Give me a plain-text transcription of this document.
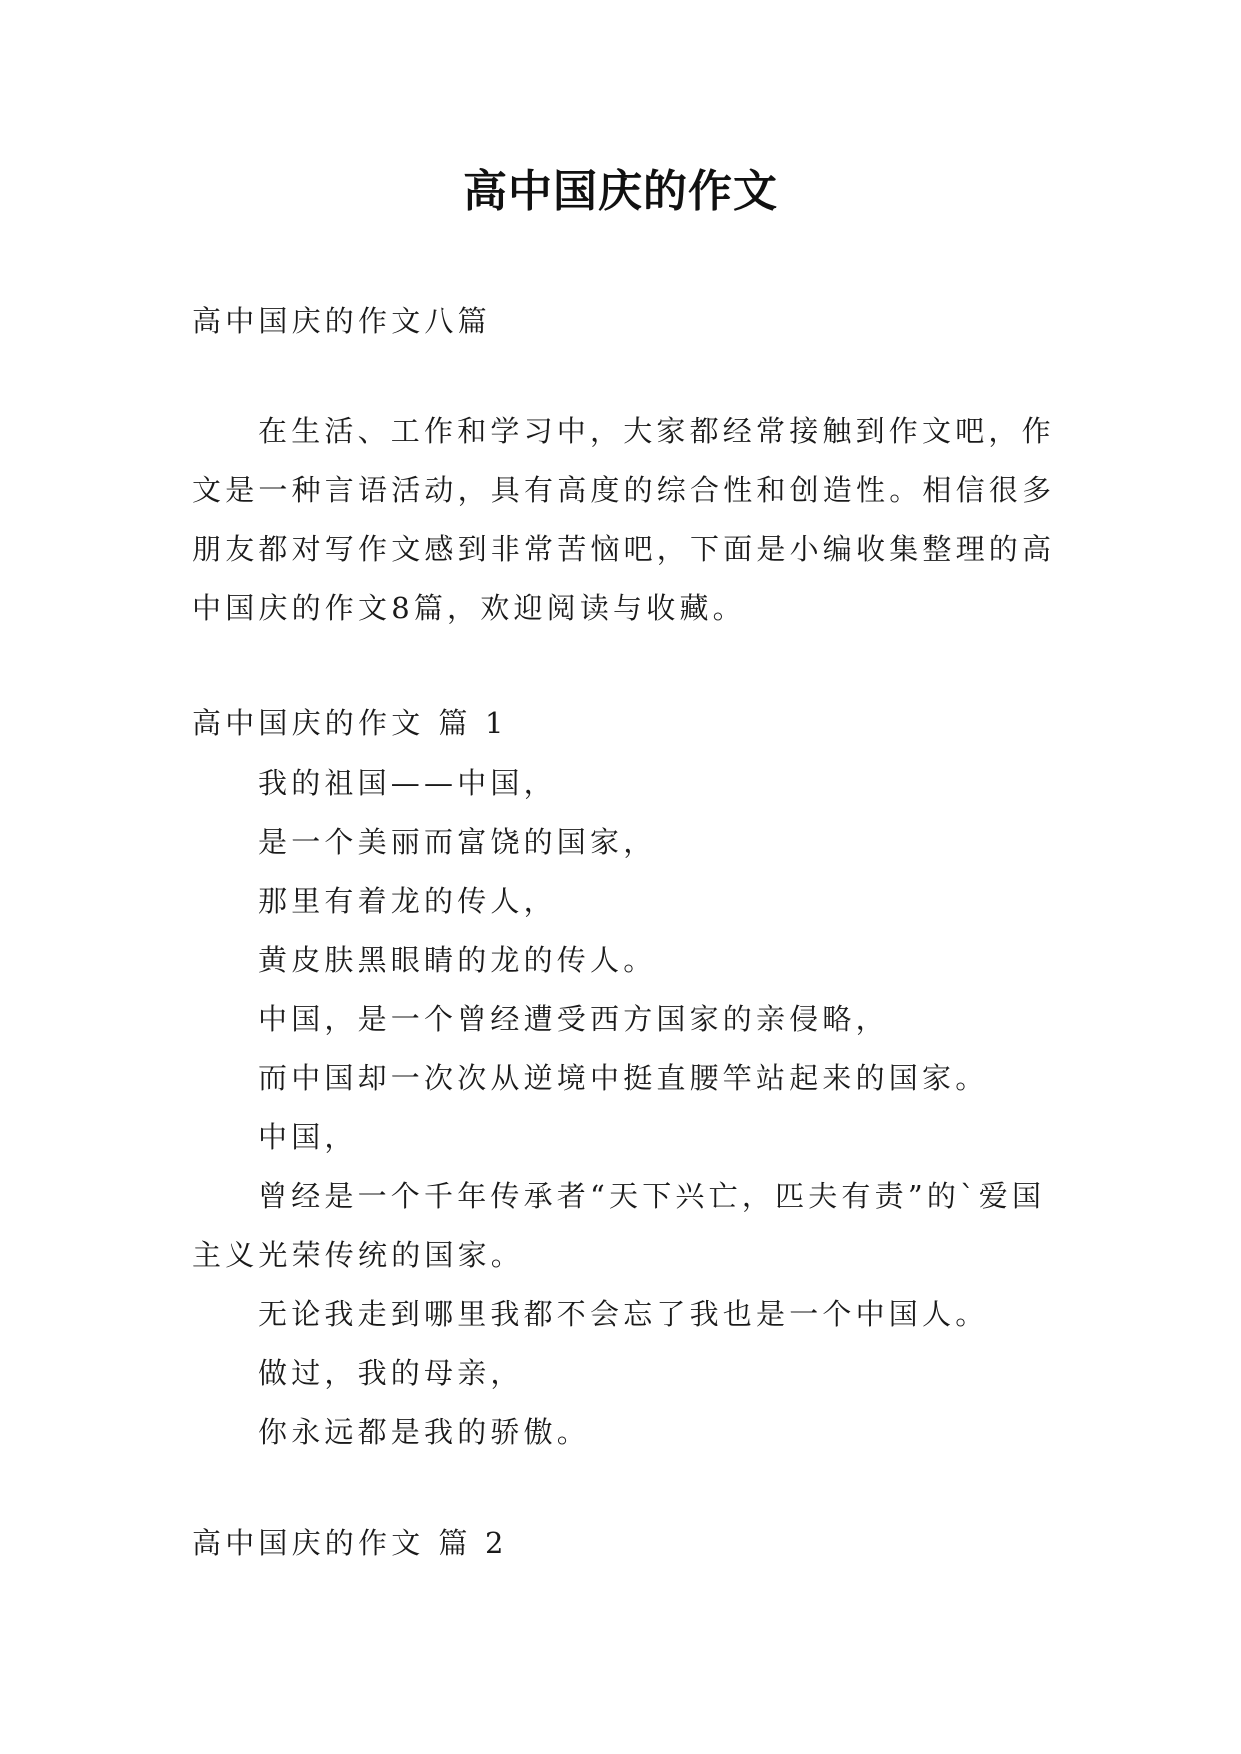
高中国庆的作文
高中国庆的作文八篇
在生活、工作和学习中，大家都经常接触到作文吧，作文是一种言语活动，具有高度的综合性和创造性。相信很多朋友都对写作文感到非常苦恼吧，下面是小编收集整理的高中国庆的作文8篇，欢迎阅读与收藏。
高中国庆的作文 篇 1

我的祖国——中国，

是一个美丽而富饶的国家，

那里有着龙的传人，

黄皮肤黑眼睛的龙的传人。

中国，是一个曾经遭受西方国家的亲侵略，

而中国却一次次从逆境中挺直腰竿站起来的国家。

中国，

曾经是一个千年传承者“天下兴亡，匹夫有责”的`爱国主义光荣传统的国家。

无论我走到哪里我都不会忘了我也是一个中国人。

做过，我的母亲，

你永远都是我的骄傲。

高中国庆的作文 篇 2
